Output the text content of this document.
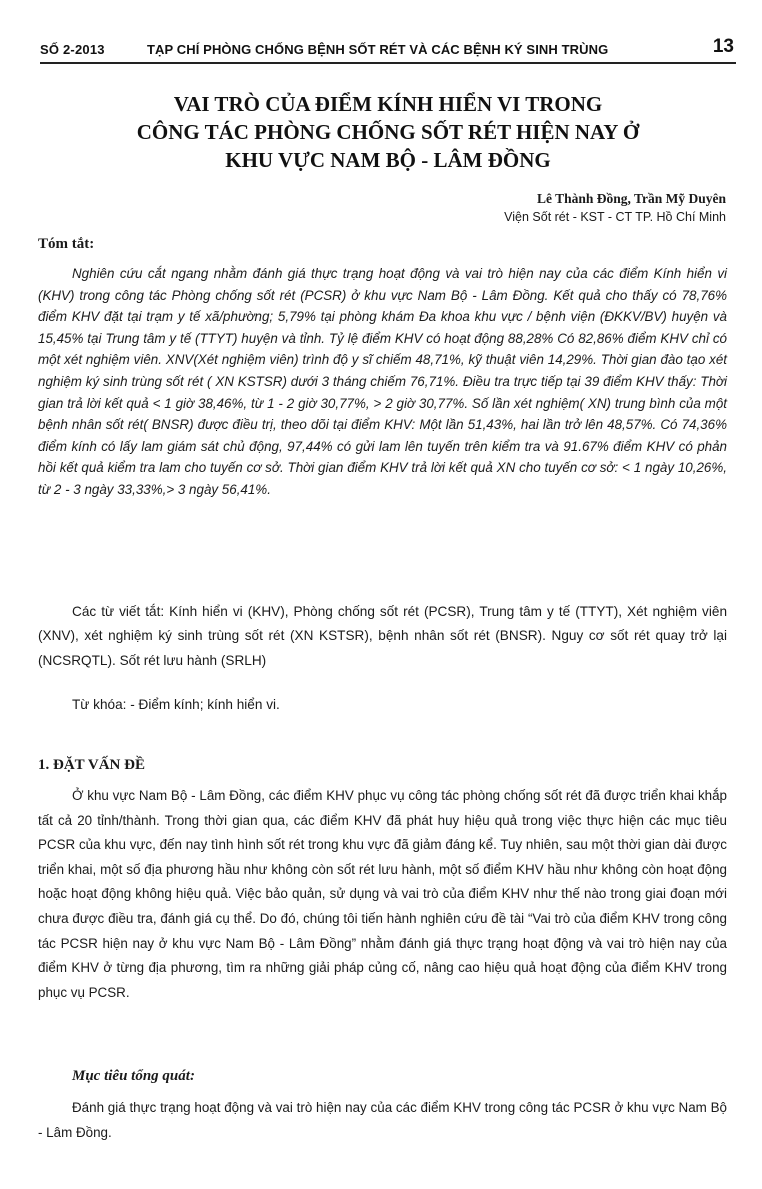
SỐ 2-2013	TẠP CHÍ PHÒNG CHỐNG BỆNH SỐT RÉT VÀ CÁC BỆNH KÝ SINH TRÙNG	13
VAI TRÒ CỦA ĐIỂM KÍNH HIỂN VI TRONG
CÔNG TÁC PHÒNG CHỐNG SỐT RÉT HIỆN NAY Ở
KHU VỰC NAM BỘ - LÂM ĐỒNG
Lê Thành Đồng, Trần Mỹ Duyên
Viện Sốt rét - KST - CT TP. Hồ Chí Minh
Tóm tắt:

Nghiên cứu cắt ngang nhằm đánh giá thực trạng hoạt động và vai trò hiện nay của các điểm Kính hiển vi (KHV) trong công tác Phòng chống sốt rét (PCSR) ở khu vực Nam Bộ - Lâm Đồng. Kết quả cho thấy có 78,76% điểm KHV đặt tại trạm y tế xã/phường; 5,79% tại phòng khám Đa khoa khu vực / bệnh viện (ĐKKV/BV) huyện và 15,45% tại Trung tâm y tế (TTYT) huyện và tỉnh. Tỷ lệ điểm KHV có hoạt động 88,28% Có 82,86% điểm KHV chỉ có một xét nghiệm viên. XNV(Xét nghiệm viên) trình độ y sĩ chiếm 48,71%, kỹ thuật viên 14,29%. Thời gian đào tạo xét nghiệm ký sinh trùng sốt rét ( XN KSTSR) dưới 3 tháng chiếm 76,71%. Điều tra trực tiếp tại 39 điểm KHV thấy: Thời gian trả lời kết quả < 1 giờ 38,46%, từ 1 - 2 giờ 30,77%, > 2 giờ 30,77%. Số lần xét nghiệm( XN) trung bình của một bệnh nhân sốt rét( BNSR) được điều trị, theo dõi tại điểm KHV: Một lần 51,43%, hai lần trở lên 48,57%. Có 74,36% điểm kính có lấy lam giám sát chủ động, 97,44% có gửi lam lên tuyến trên kiểm tra và 91.67% điểm KHV có phản hồi kết quả kiểm tra lam cho tuyến cơ sở. Thời gian điểm KHV trả lời kết quả XN cho tuyến cơ sở: < 1 ngày 10,26%, từ 2 - 3 ngày 33,33%,> 3 ngày 56,41%.

Các từ viết tắt: Kính hiển vi (KHV), Phòng chống sốt rét (PCSR), Trung tâm y tế (TTYT), Xét nghiệm viên (XNV), xét nghiệm ký sinh trùng sốt rét (XN KSTSR), bệnh nhân sốt rét (BNSR). Nguy cơ sốt rét quay trở lại (NCSRQTL). Sốt rét lưu hành (SRLH)

Từ khóa: - Điểm kính; kính hiển vi.
1. ĐẶT VẤN ĐỀ

Ở khu vực Nam Bộ - Lâm Đồng, các điểm KHV phục vụ công tác phòng chống sốt rét đã được triển khai khắp tất cả 20 tỉnh/thành. Trong thời gian qua, các điểm KHV đã phát huy hiệu quả trong việc thực hiện các mục tiêu PCSR của khu vực, đến nay tình hình sốt rét trong khu vực đã giảm đáng kể. Tuy nhiên, sau một thời gian dài được triển khai, một số địa phương hầu như không còn sốt rét lưu hành, một số điểm KHV hầu như không còn hoạt động hoặc hoạt động không hiệu quả. Việc bảo quản, sử dụng và vai trò của điểm KHV như thế nào trong giai đoạn mới chưa được điều tra, đánh giá cụ thể. Do đó, chúng tôi tiến hành nghiên cứu đề tài “Vai trò của điểm KHV trong công tác PCSR hiện nay ở khu vực Nam Bộ - Lâm Đồng” nhằm đánh giá thực trạng hoạt động và vai trò hiện nay của điểm KHV ở từng địa phương, tìm ra những giải pháp củng cố, nâng cao hiệu quả hoạt động của điểm KHV trong phục vụ PCSR.

Mục tiêu tổng quát:

Đánh giá thực trạng hoạt động và vai trò hiện nay của các điểm KHV trong công tác PCSR ở khu vực Nam Bộ - Lâm Đồng.
